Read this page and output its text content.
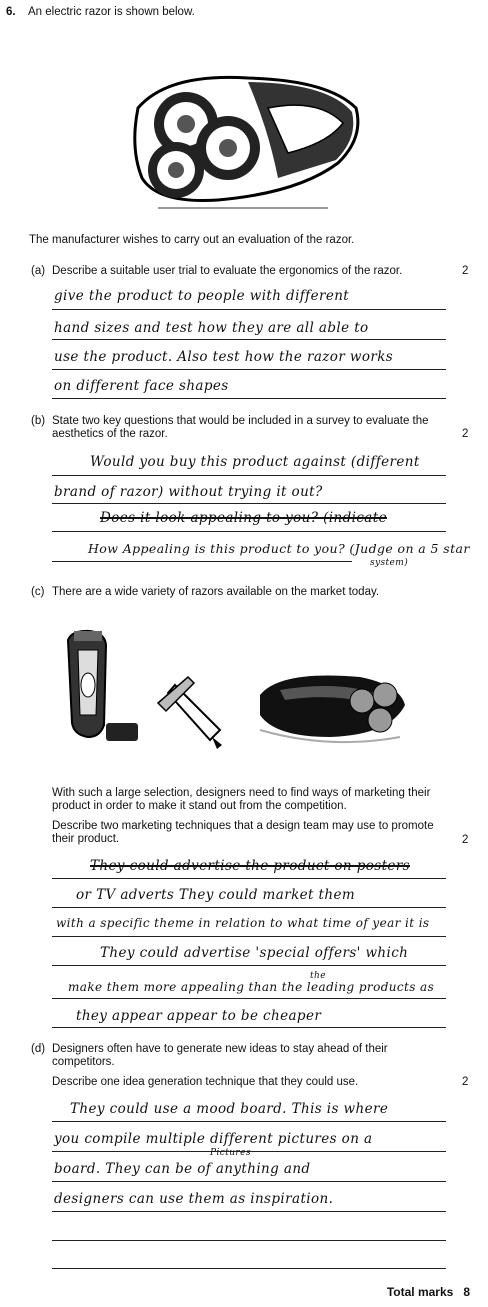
6. An electric razor is shown below.
The manufacturer wishes to carry out an evaluation of the razor.
(a) Describe a suitable user trial to evaluate the ergonomics of the razor.	2
give the product to people with different
hand sizes and test how they are all able to
use the product. Also test how the razor works
on different face shapes
(b) State two key questions that would be included in a survey to evaluate the aesthetics of the razor.	2
Would you buy this product against (different
brand of razor) without trying it out?
Does it look appealing to you? (indicate
How Appealing is this product to you? (Judge on a 5 star
system)
(c) There are a wide variety of razors available on the market today.
With such a large selection, designers need to find ways of marketing their product in order to make it stand out from the competition.
Describe two marketing techniques that a design team may use to promote their product.	2
They could advertise the product on posters
or TV adverts They could market them
with a specific theme in relation to what time of year it is
They could advertise 'special offers' which
the
make them more appealing than the leading products as
they appear appear to be cheaper
(d) Designers often have to generate new ideas to stay ahead of their competitors.
Describe one idea generation technique that they could use.	2
They could use a mood board. This is where
you compile multiple different pictures on a
Pictures
board. They can be of anything and
designers can use them as inspiration.
Total marks 8
